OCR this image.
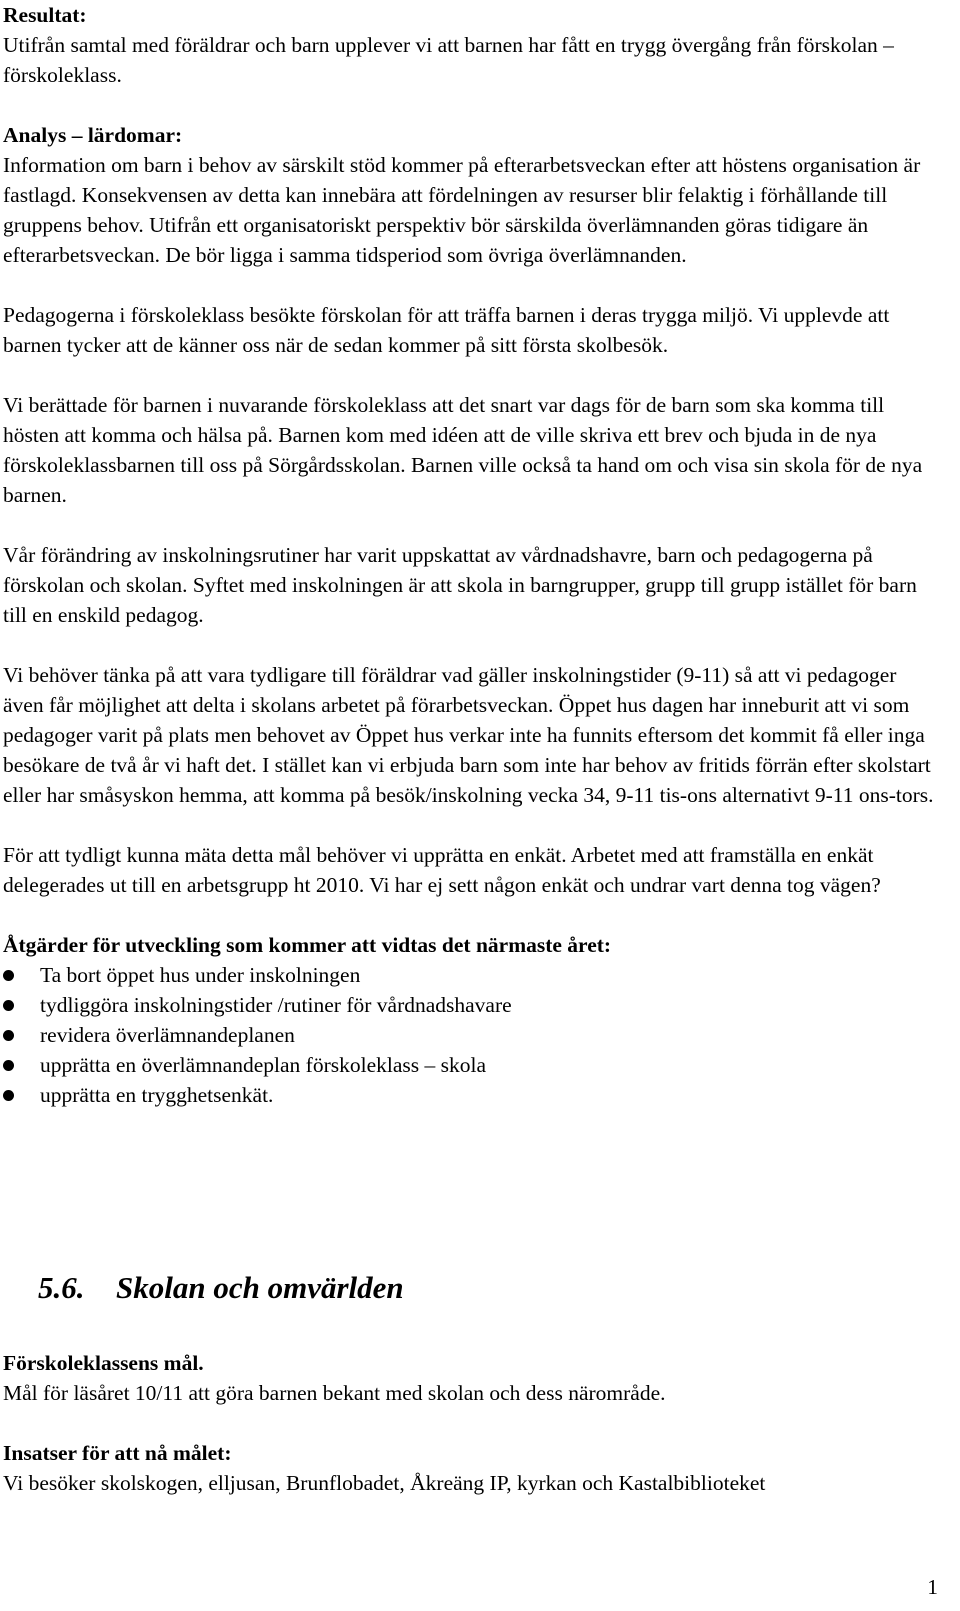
Resultat:
Utifrån samtal med föräldrar och barn upplever vi att barnen har fått en trygg övergång från förskolan – förskoleklass.
Analys – lärdomar:

Information om barn i behov av särskilt stöd kommer på efterarbetsveckan efter att höstens organisation är fastlagd. Konsekvensen av detta kan innebära att fördelningen av resurser blir felaktig i förhållande till gruppens behov. Utifrån ett organisatoriskt perspektiv bör särskilda överlämnanden göras tidigare än efterarbetsveckan. De bör ligga i samma tidsperiod som övriga överlämnanden.

Pedagogerna i förskoleklass besökte förskolan för att träffa barnen i deras trygga miljö. Vi upplevde att barnen tycker att de känner oss när de sedan kommer på sitt första skolbesök.

Vi berättade för barnen i nuvarande förskoleklass att det snart var dags för de barn som ska komma till hösten att komma och hälsa på. Barnen kom med idéen att de ville skriva ett brev och bjuda in de nya förskoleklassbarnen till oss på Sörgårdsskolan. Barnen ville också ta hand om och visa sin skola för de nya barnen.

Vår förändring av inskolningsrutiner har varit uppskattat av vårdnadshavre, barn och pedagogerna på förskolan och skolan. Syftet med inskolningen är att skola in barngrupper, grupp till grupp istället för barn till en enskild pedagog.

Vi behöver tänka på att vara tydligare till föräldrar vad gäller inskolningstider (9-11) så att vi pedagoger även får möjlighet att delta i skolans arbetet på förarbetsveckan. Öppet hus dagen har inneburit att vi som pedagoger varit på plats men behovet av Öppet hus verkar inte ha funnits eftersom det kommit få eller inga besökare de två år vi haft det. I stället kan vi erbjuda barn som inte har behov av fritids förrän efter skolstart eller har småsyskon hemma, att komma på besök/inskolning vecka 34, 9-11 tis-ons alternativt 9-11 ons-tors.

För att tydligt kunna mäta detta mål behöver vi upprätta en enkät. Arbetet med att framställa en enkät delegerades ut till en arbetsgrupp ht 2010. Vi har ej sett någon enkät och undrar vart denna tog vägen?

Åtgärder för utveckling som kommer att vidtas det närmaste året:
Ta bort öppet hus under inskolningen
tydliggöra inskolningstider /rutiner för vårdnadshavare
revidera överlämnandeplanen
upprätta en överlämnandeplan förskoleklass – skola
upprätta en trygghetsenkät.
5.6. Skolan och omvärlden
Förskoleklassens mål.
Mål för läsåret 10/11 att göra barnen bekant med skolan och dess närområde.
Insatser för att nå målet:
Vi besöker skolskogen, elljusan, Brunflobadet, Åkreäng IP, kyrkan och Kastalbiblioteket
1
